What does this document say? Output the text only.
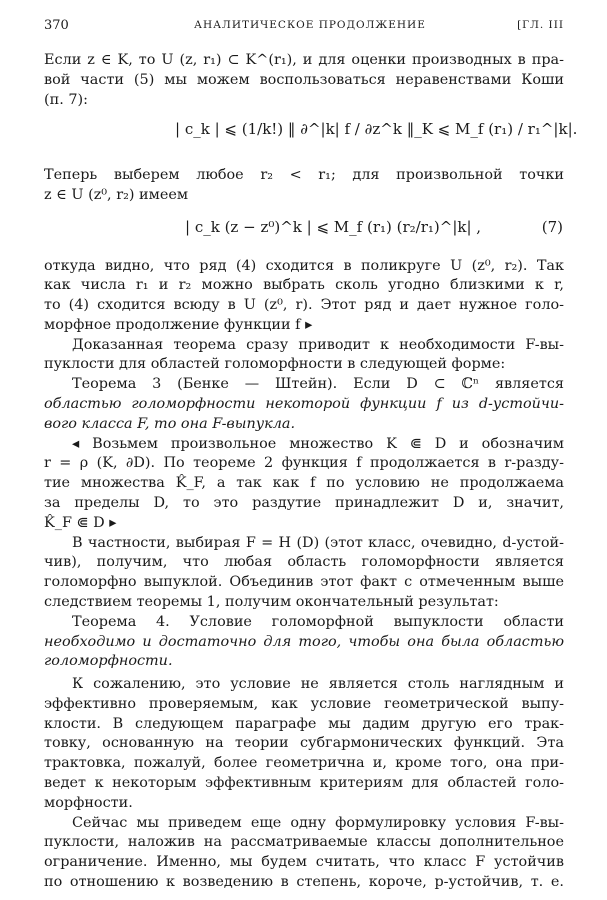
370	АНАЛИТИЧЕСКОЕ ПРОДОЛЖЕНИЕ	[ГЛ. III
Если z ∈ K, то U (z, r₁) ⊂ K^(r₁), и для оценки производных в пра-
вой части (5) мы можем воспользоваться неравенствами Коши
(п. 7):
| c_k | ⩽ (1/k!) ‖ ∂^|k| f / ∂z^k ‖_K ⩽ M_f (r₁) / r₁^|k|.
Теперь выберем любое r₂ < r₁; для произвольной точки
z ∈ U (z⁰, r₂) имеем
| c_k (z − z⁰)^k | ⩽ M_f (r₁) (r₂/r₁)^|k| ,	(7)
откуда видно, что ряд (4) сходится в поликруге U (z⁰, r₂). Так
как числа r₁ и r₂ можно выбрать сколь угодно близкими к r,
то (4) сходится всюду в U (z⁰, r). Этот ряд и дает нужное голо-
морфное продолжение функции f ▸
Доказанная теорема сразу приводит к необходимости F-вы-
пуклости для областей голоморфности в следующей форме:
Теорема 3 (Бенке — Штейн). Если D ⊂ ℂⁿ является
областью голоморфности некоторой функции f из d-устойчи-
вого класса F, то она F-выпукла.
◂ Возьмем произвольное множество K ⋐ D и обозначим
r = ρ (K, ∂D). По теореме 2 функция f продолжается в r-разду-
тие множества K̂_F, а так как f по условию не продолжаема
за пределы D, то это раздутие принадлежит D и, значит,
K̂_F ⋐ D ▸
В частности, выбирая F = H (D) (этот класс, очевидно, d-устой-
чив), получим, что любая область голоморфности является
голоморфно выпуклой. Объединив этот факт с отмеченным выше
следствием теоремы 1, получим окончательный результат:
Теорема 4. Условие голоморфной выпуклости области
необходимо и достаточно для того, чтобы она была областью
голоморфности.
К сожалению, это условие не является столь наглядным и
эффективно проверяемым, как условие геометрической выпу-
клости. В следующем параграфе мы дадим другую его трак-
товку, основанную на теории субгармонических функций. Эта
трактовка, пожалуй, более геометрична и, кроме того, она при-
ведет к некоторым эффективным критериям для областей голо-
морфности.
Сейчас мы приведем еще одну формулировку условия F-вы-
пуклости, наложив на рассматриваемые классы дополнительное
ограничение. Именно, мы будем считать, что класс F устойчив
по отношению к возведению в степень, короче, p-устойчив, т. е.
